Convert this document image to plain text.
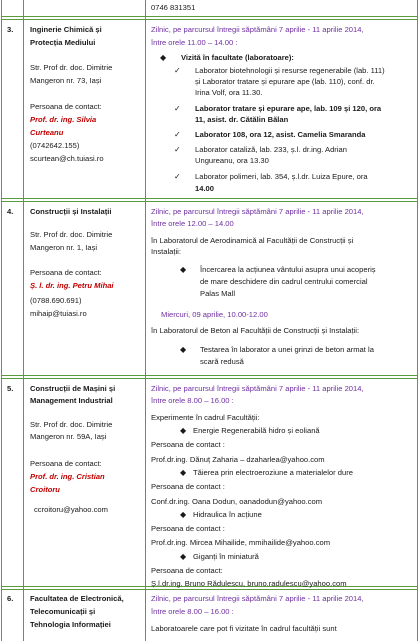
0746 831351
3. Inginerie Chimică și
Protecția Mediului
Str. Prof dr. doc. Dimitrie
Mangeron nr. 73, Iași
Persoana de contact:
Prof. dr. ing. Silvia
Curteanu
(0742642.155)
scurtean@ch.tuiasi.ro
Zilnic, pe parcursul întregii săptămâni 7 aprilie - 11 aprilie 2014,
între orele 11.00 – 14.00 :
◆ Vizită în facultate (laboratoare):
✓ Laborator biotehnologii și resurse regenerabile (lab. 111)
și Laborator tratare și epurare ape (lab. 110), conf. dr.
Irina Volf, ora 11.30.
✓ Laborator tratare și epurare ape, lab. 109 și 120, ora
11, asist. dr. Cătălin Bălan
✓ Laborator 108, ora 12, asist. Camelia Smaranda
✓ Laborator cataliză, lab. 233, ș.l. dr.ing. Adrian
Ungureanu, ora 13.30
✓ Laborator polimeri, lab. 354, ș.l.dr. Luiza Epure, ora
14.00
4. Construcții și Instalații
Str. Prof dr. doc. Dimitrie
Mangeron nr. 1, Iași
Persoana de contact:
Ș. l. dr. ing. Petru Mihai
(0788.690.691)
mihaip@tuiasi.ro
Zilnic, pe parcursul întregii săptămâni 7 aprilie - 11 aprilie 2014,
între orele 12.00 – 14.00
în Laboratorul de Aerodinamică al Facultății de Construcții și
Instalații:
◆ Încercarea la acțiunea vântului asupra unui acoperiș
de mare deschidere din cadrul centrului comercial
Palas Mall
Miercuri, 09 aprilie, 10.00-12.00
în Laboratorul de Beton al Facultății de Construcții și Instalații:
◆ Testarea în laborator a unei grinzi de beton armat la
scară redusă
5. Construcții de Mașini și
Management Industrial
Str. Prof dr. doc. Dimitrie
Mangeron nr. 59A, Iași
Persoana de contact:
Prof. dr. ing. Cristian
Croitoru
ccroitoru@yahoo.com
Zilnic, pe parcursul întregii săptămâni 7 aprilie - 11 aprilie 2014,
între orele 8.00 – 16.00 :
Experimente în cadrul Facultății:
◆ Energie Regenerabilă hidro și eoliană
Persoana de contact :
Prof.dr.ing. Dănuț Zaharia – dzaharlea@yahoo.com
◆ Tăierea prin electroeroziune a materialelor dure
Persoana de contact :
Conf.dr.ing. Oana Dodun, oanadodun@yahoo.com
◆ Hidraulica în acțiune
Persoana de contact :
Prof.dr.ing. Mircea Mihailide, mmihailide@yahoo.com
◆ Giganți în miniatură
Persoana de contact:
Ș.l.dr.ing. Bruno Rădulescu, bruno.radulescu@yahoo.com
6. Facultatea de Electronică,
Telecomunicații și
Tehnologia Informației
Zilnic, pe parcursul întregii săptămâni 7 aprilie - 11 aprilie 2014,
între orele 8.00 – 16.00 :
Laboratoarele care pot fi vizitate în cadrul facultății sunt
